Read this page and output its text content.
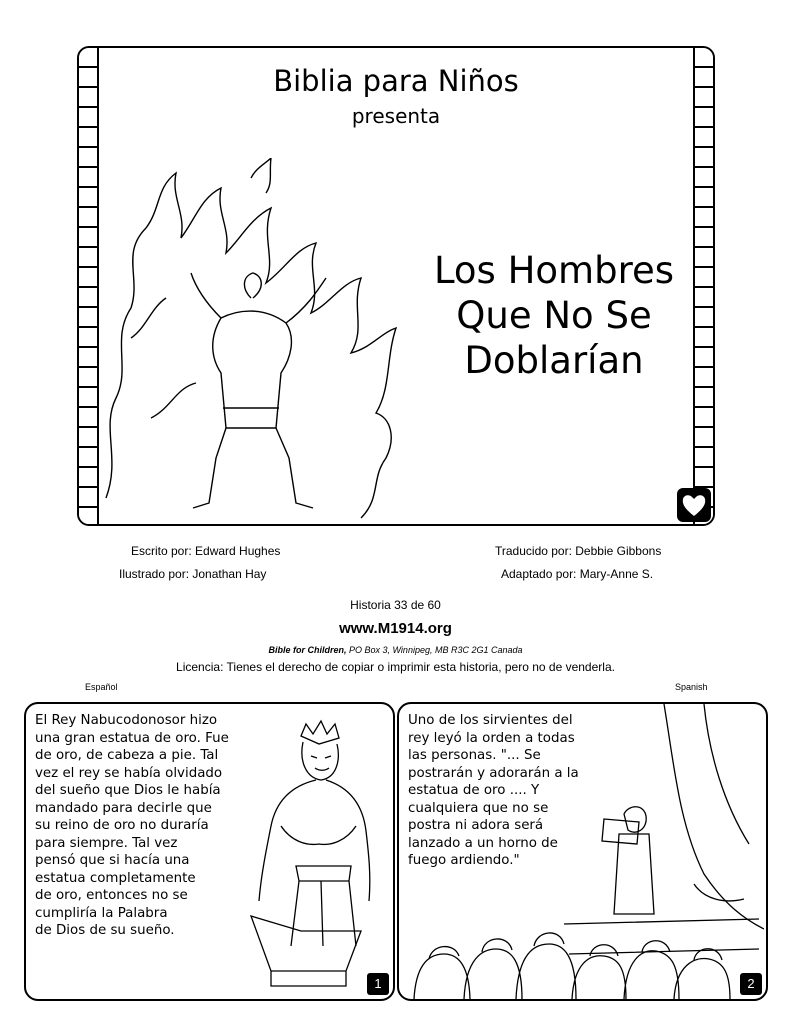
Biblia para Niños
presenta
Los Hombres
Que No Se
Doblarían
Escrito por: Edward Hughes
Ilustrado por: Jonathan Hay
Traducido por: Debbie Gibbons
Adaptado por: Mary-Anne S.
Historia 33 de 60
www.M1914.org
Bible for Children, PO Box 3, Winnipeg, MB R3C 2G1 Canada
Licencia: Tienes el derecho de copiar o imprimir esta historia, pero no de venderla.
Español	Spanish
El Rey Nabucodonosor hizo
una gran estatua de oro. Fue
de oro, de cabeza a pie. Tal
vez el rey se había olvidado
del sueño que Dios le había
mandado para decirle que
su reino de oro no duraría
para siempre. Tal vez
pensó que si hacía una
estatua completamente
de oro, entonces no se
cumpliría la Palabra
de Dios de su sueño.
1
Uno de los sirvientes del
rey leyó la orden a todas
las personas. "... Se
postrarán y adorarán a la
estatua de oro .... Y
cualquiera que no se
postra ni adora será
lanzado a un horno de
fuego ardiendo."
2
